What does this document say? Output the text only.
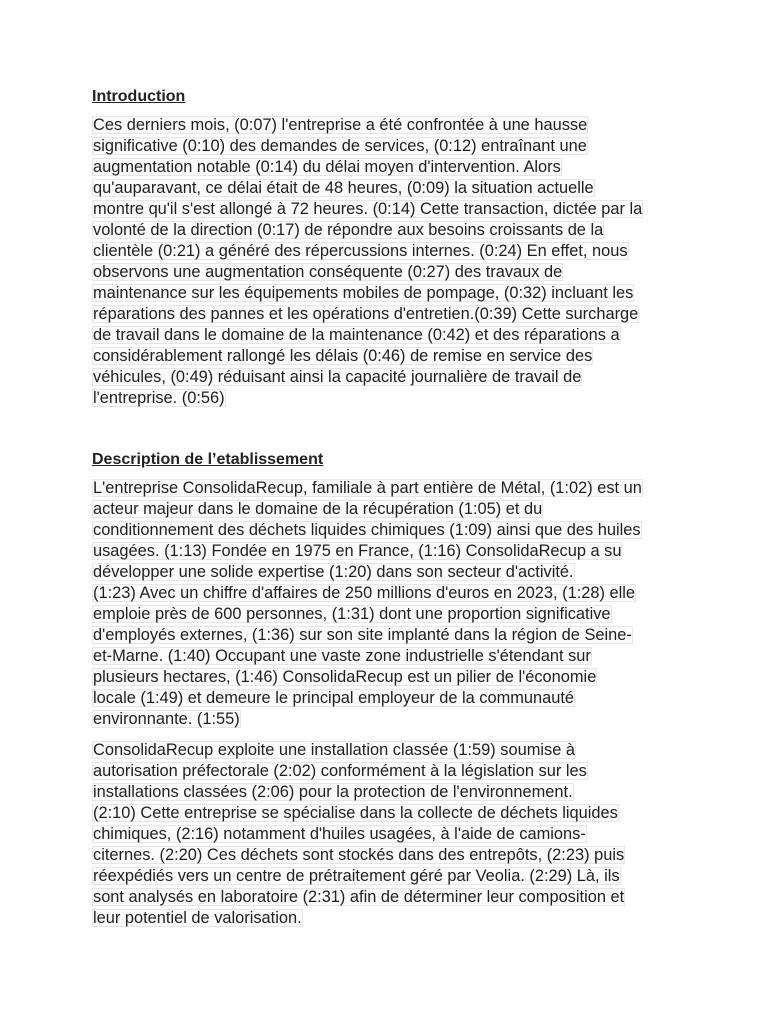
Introduction
Ces derniers mois, (0:07) l'entreprise a été confrontée à une hausse
significative (0:10) des demandes de services, (0:12) entraînant une
augmentation notable (0:14) du délai moyen d'intervention. Alors
qu'auparavant, ce délai était de 48 heures, (0:09) la situation actuelle
montre qu'il s'est allongé à 72 heures. (0:14) Cette transaction, dictée par la
volonté de la direction (0:17) de répondre aux besoins croissants de la
clientèle (0:21) a généré des répercussions internes. (0:24) En effet, nous
observons une augmentation conséquente (0:27) des travaux de
maintenance sur les équipements mobiles de pompage, (0:32) incluant les
réparations des pannes et les opérations d'entretien.(0:39) Cette surcharge
de travail dans le domaine de la maintenance (0:42) et des réparations a
considérablement rallongé les délais (0:46) de remise en service des
véhicules, (0:49) réduisant ainsi la capacité journalière de travail de
l'entreprise. (0:56)
Description de l’etablissement
L'entreprise ConsolidaRecup, familiale à part entière de Métal, (1:02) est un
acteur majeur dans le domaine de la récupération (1:05) et du
conditionnement des déchets liquides chimiques (1:09) ainsi que des huiles
usagées. (1:13) Fondée en 1975 en France, (1:16) ConsolidaRecup a su
développer une solide expertise (1:20) dans son secteur d'activité.
(1:23) Avec un chiffre d'affaires de 250 millions d'euros en 2023, (1:28) elle
emploie près de 600 personnes, (1:31) dont une proportion significative
d'employés externes, (1:36) sur son site implanté dans la région de Seine-
et-Marne. (1:40) Occupant une vaste zone industrielle s'étendant sur
plusieurs hectares, (1:46) ConsolidaRecup est un pilier de l'économie
locale (1:49) et demeure le principal employeur de la communauté
environnante. (1:55)
ConsolidaRecup exploite une installation classée (1:59) soumise à
autorisation préfectorale (2:02) conformément à la législation sur les
installations classées (2:06) pour la protection de l'environnement.
(2:10) Cette entreprise se spécialise dans la collecte de déchets liquides
chimiques, (2:16) notamment d'huiles usagées, à l'aide de camions-
citernes. (2:20) Ces déchets sont stockés dans des entrepôts, (2:23) puis
réexpédiés vers un centre de prétraitement géré par Veolia. (2:29) Là, ils
sont analysés en laboratoire (2:31) afin de déterminer leur composition et
leur potentiel de valorisation.
